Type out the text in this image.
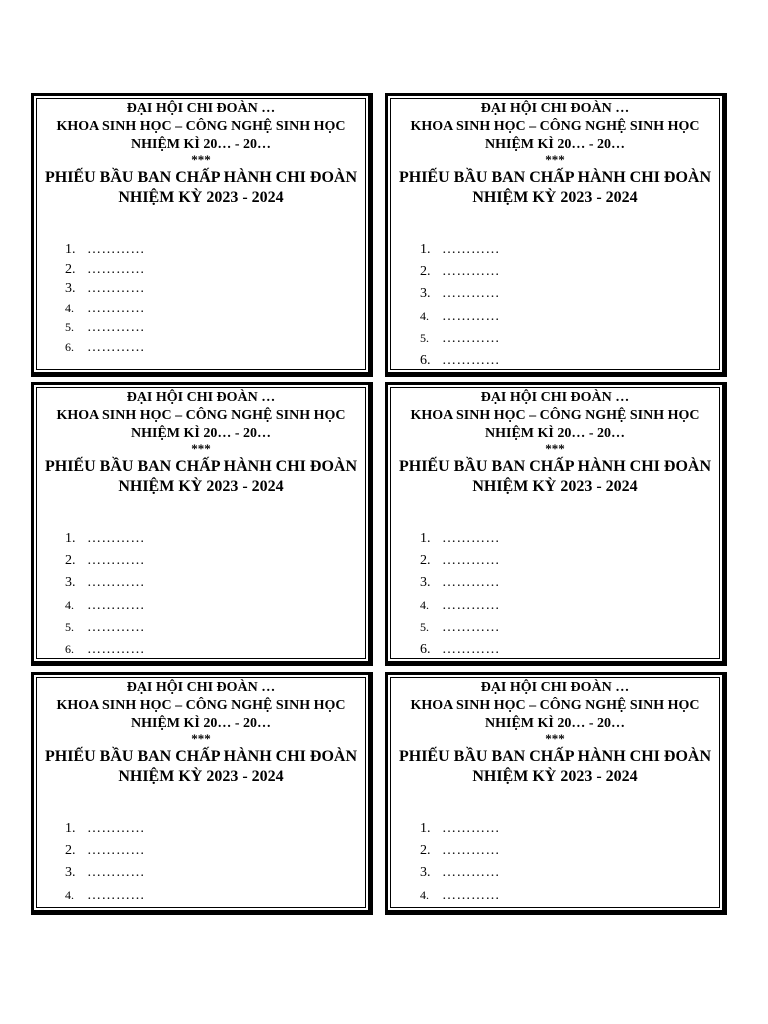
ĐẠI HỘI CHI ĐOÀN …
KHOA SINH HỌC – CÔNG NGHỆ SINH HỌC
NHIỆM KÌ 20… - 20…
***
PHIẾU BẦU BAN CHẤP HÀNH CHI ĐOÀN
NHIỆM KỲ 2023 - 2024
1. …………
2. …………
3. …………
4. …………
5. …………
6. …………
ĐẠI HỘI CHI ĐOÀN …
KHOA SINH HỌC – CÔNG NGHỆ SINH HỌC
NHIỆM KÌ 20… - 20…
***
PHIẾU BẦU BAN CHẤP HÀNH CHI ĐOÀN
NHIỆM KỲ 2023 - 2024
1. …………
2. …………
3. …………
4. …………
5. …………
6. …………
ĐẠI HỘI CHI ĐOÀN …
KHOA SINH HỌC – CÔNG NGHỆ SINH HỌC
NHIỆM KÌ 20… - 20…
***
PHIẾU BẦU BAN CHẤP HÀNH CHI ĐOÀN
NHIỆM KỲ 2023 - 2024
1. …………
2. …………
3. …………
4. …………
5. …………
6. …………
ĐẠI HỘI CHI ĐOÀN …
KHOA SINH HỌC – CÔNG NGHỆ SINH HỌC
NHIỆM KÌ 20… - 20…
***
PHIẾU BẦU BAN CHẤP HÀNH CHI ĐOÀN
NHIỆM KỲ 2023 - 2024
1. …………
2. …………
3. …………
4. …………
5. …………
6. …………
ĐẠI HỘI CHI ĐOÀN …
KHOA SINH HỌC – CÔNG NGHỆ SINH HỌC
NHIỆM KÌ 20… - 20…
***
PHIẾU BẦU BAN CHẤP HÀNH CHI ĐOÀN
NHIỆM KỲ 2023 - 2024
1. …………
2. …………
3. …………
4. …………
ĐẠI HỘI CHI ĐOÀN …
KHOA SINH HỌC – CÔNG NGHỆ SINH HỌC
NHIỆM KÌ 20… - 20…
***
PHIẾU BẦU BAN CHẤP HÀNH CHI ĐOÀN
NHIỆM KỲ 2023 - 2024
1. …………
2. …………
3. …………
4. …………
